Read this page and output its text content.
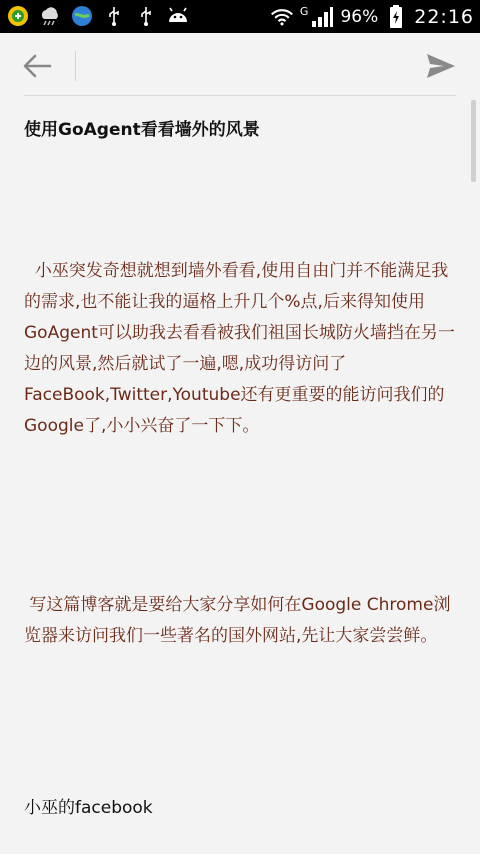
G 96% 22:16
使用GoAgent看看墙外的风景
小巫突发奇想就想到墙外看看,使用自由门并不能满足我的需求,也不能让我的逼格上升几个%点,后来得知使用GoAgent可以助我去看看被我们祖国长城防火墙挡在另一边的风景,然后就试了一遍,嗯,成功得访问了FaceBook,Twitter,Youtube还有更重要的能访问我们的Google了,小小兴奋了一下下。
写这篇博客就是要给大家分享如何在Google Chrome浏览器来访问我们一些著名的国外网站,先让大家尝尝鲜。
小巫的facebook
